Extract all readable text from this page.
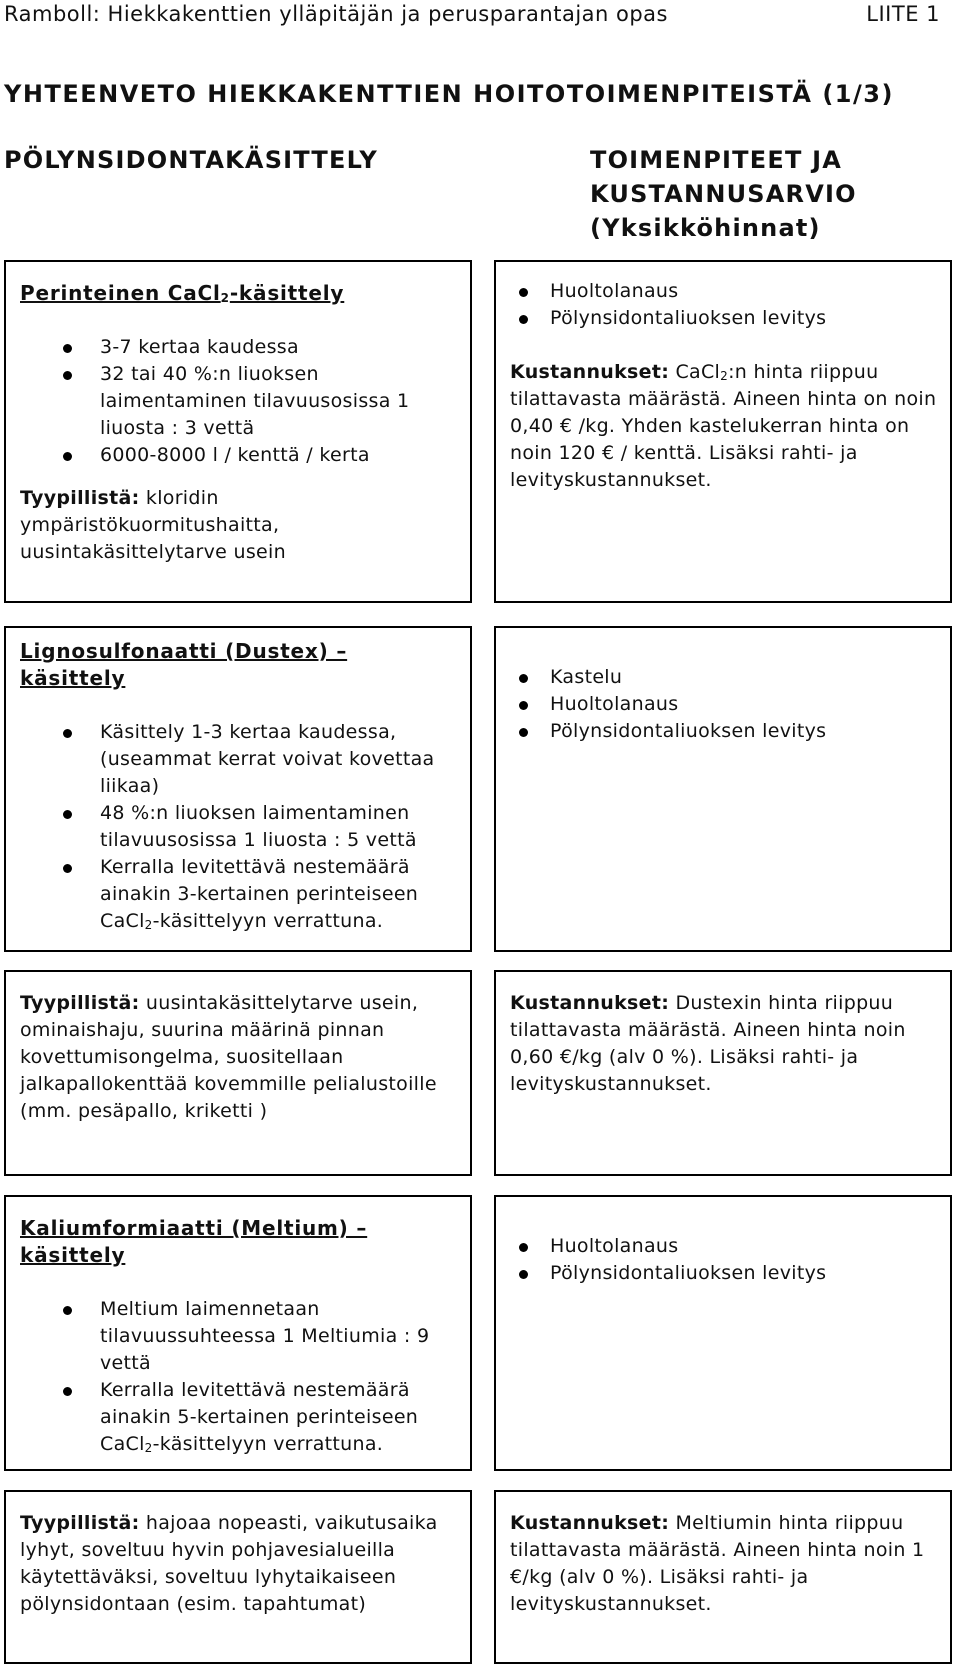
Ramboll: Hiekkakenttien ylläpitäjän ja perusparantajan opas	LIITE 1
YHTEENVETO HIEKKAKENTTIEN HOITOTOIMENPITEISTÄ (1/3)
PÖLYNSIDONTAKÄSITTELY	TOIMENPITEET JA
KUSTANNUSARVIO
(Yksikköhinnat)
Perinteinen CaCl$_2$-käsittely
3-7 kertaa kaudessa
32 tai 40 %:n liuoksen laimentaminen tilavuusosissa 1 liuosta : 3 vettä
6000-8000 l / kenttä / kerta

Tyypillistä: kloridin ympäristökuormitushaitta, uusintakäsittelytarve usein

Huoltolanaus
Pölynsidontaliuoksen levitys

Kustannukset: CaCl$_2$:n hinta riippuu tilattavasta määrästä. Aineen hinta on noin 0,40 € /kg. Yhden kastelukerran hinta on noin 120 € / kenttä. Lisäksi rahti- ja levityskustannukset.

Lignosulfonaatti (Dustex) – käsittely
Käsittely 1-3 kertaa kaudessa, (useammat kerrat voivat kovettaa liikaa)
48 %:n liuoksen laimentaminen tilavuusosissa 1 liuosta : 5 vettä
Kerralla levitettävä nestemäärä ainakin 3-kertainen perinteiseen CaCl$_2$-käsittelyyn verrattuna.
Kastelu
Huoltolanaus
Pölynsidontaliuoksen levitys

Tyypillistä: uusintakäsittelytarve usein, ominaishaju, suurina määrinä pinnan kovettumisongelma, suositellaan jalkapallokenttää kovemmille pelialustoille (mm. pesäpallo, kriketti )

Kustannukset: Dustexin hinta riippuu tilattavasta määrästä. Aineen hinta noin 0,60 €/kg (alv 0 %). Lisäksi rahti- ja levityskustannukset.

Kaliumformiaatti (Meltium) – käsittely
Meltium laimennetaan tilavuussuhteessa 1 Meltiumia : 9 vettä
Kerralla levitettävä nestemäärä ainakin 5-kertainen perinteiseen CaCl$_2$-käsittelyyn verrattuna.
Huoltolanaus
Pölynsidontaliuoksen levitys

Tyypillistä: hajoaa nopeasti, vaikutusaika lyhyt, soveltuu hyvin pohjavesialueilla käytettäväksi, soveltuu lyhytaikaiseen pölynsidontaan (esim. tapahtumat)

Kustannukset: Meltiumin hinta riippuu tilattavasta määrästä. Aineen hinta noin 1 €/kg (alv 0 %). Lisäksi rahti- ja levityskustannukset.
